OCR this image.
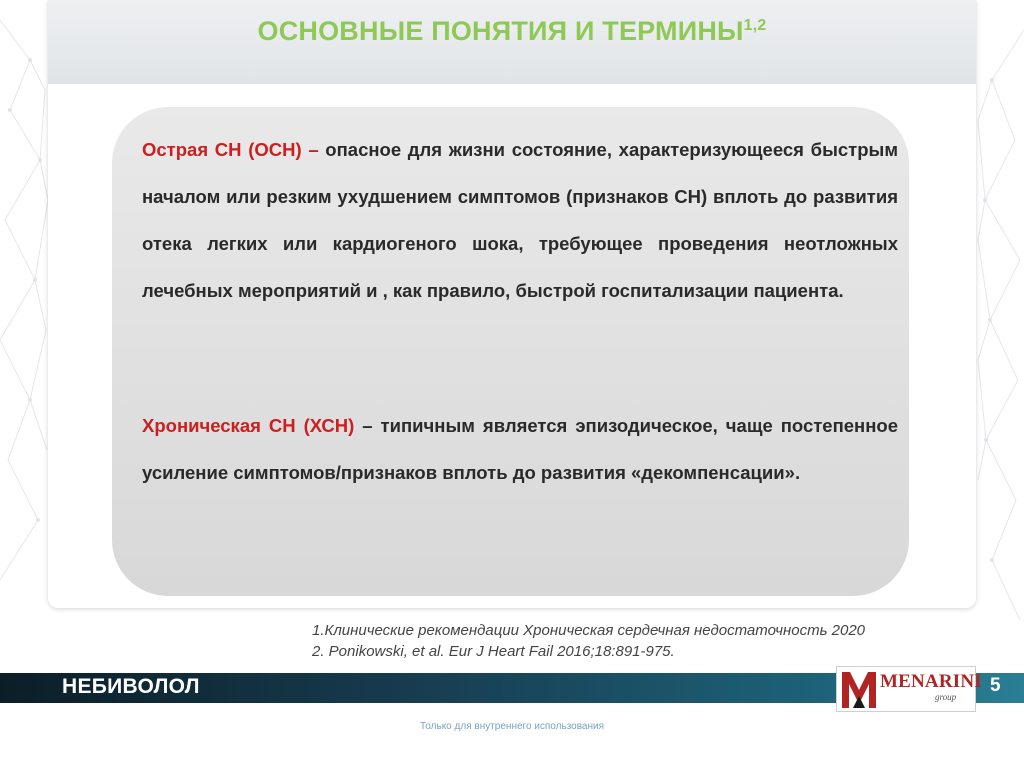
ОСНОВНЫЕ ПОНЯТИЯ И ТЕРМИНЫ$^{1,2}$
Острая СН (ОСН) – опасное для жизни состояние, характеризующееся быстрым началом или резким ухудшением симптомов (признаков СН) вплоть до развития отека легких или кардиогеного шока, требующее проведения неотложных лечебных мероприятий и , как правило, быстрой госпитализации пациента.
Хроническая СН (ХСН) – типичным является эпизодическое, чаще постепенное усиление симптомов/признаков вплоть до развития «декомпенсации».
1.Клинические рекомендации Хроническая сердечная недостаточность 2020
2. Ponikowski, et al. Eur J Heart Fail 2016;18:891-975.
НЕБИВОЛОЛ	MENARINI
group
5
Только для внутреннего использования
